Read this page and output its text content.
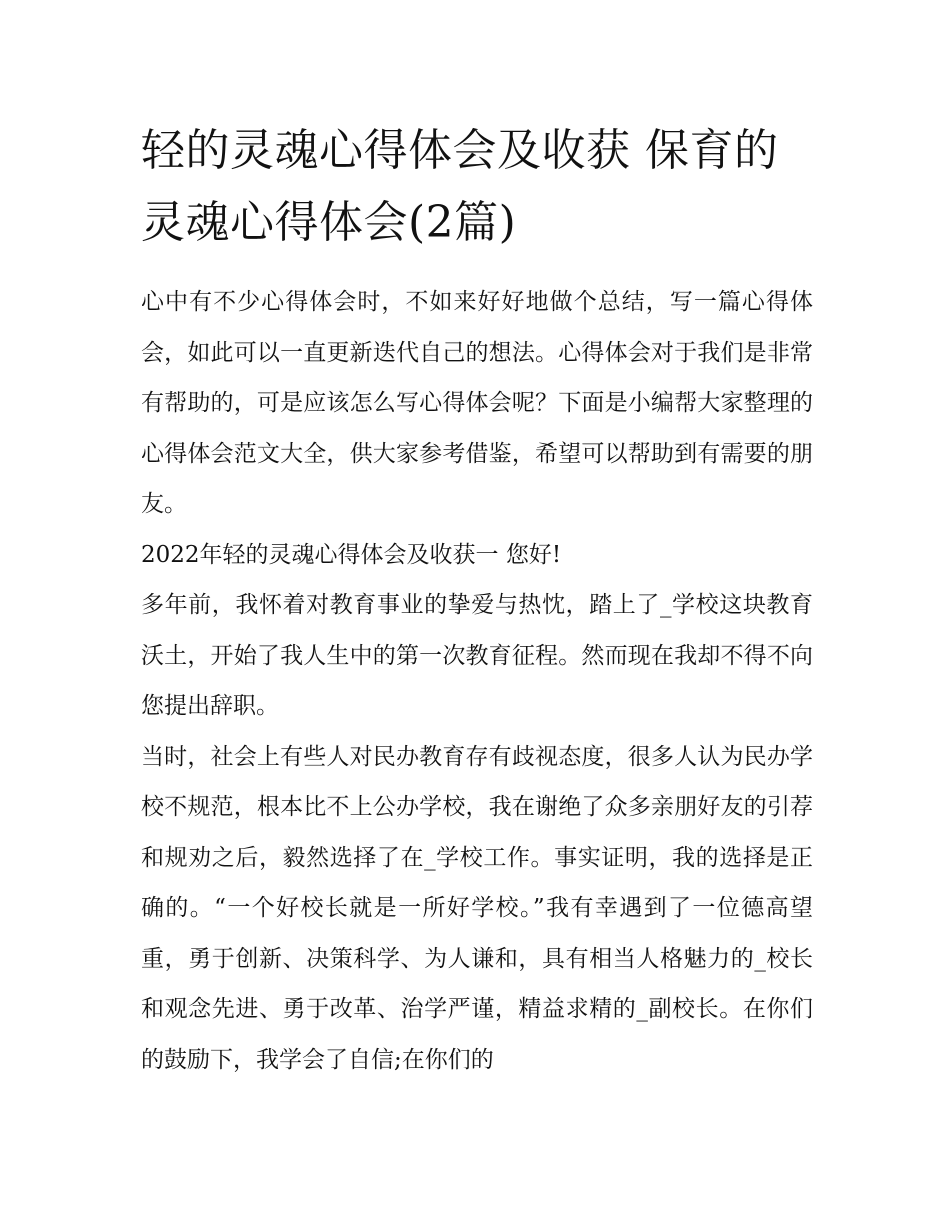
轻的灵魂心得体会及收获 保育的灵魂心得体会(2篇)

心中有不少心得体会时，不如来好好地做个总结，写一篇心得体会，如此可以一直更新迭代自己的想法。心得体会对于我们是非常有帮助的，可是应该怎么写心得体会呢？下面是小编帮大家整理的心得体会范文大全，供大家参考借鉴，希望可以帮助到有需要的朋友。

2022年轻的灵魂心得体会及收获一 您好!

多年前，我怀着对教育事业的挚爱与热忱，踏上了_学校这块教育沃土，开始了我人生中的第一次教育征程。然而现在我却不得不向您提出辞职。

当时，社会上有些人对民办教育存有歧视态度，很多人认为民办学校不规范，根本比不上公办学校，我在谢绝了众多亲朋好友的引荐和规劝之后，毅然选择了在_学校工作。事实证明，我的选择是正确的。“一个好校长就是一所好学校。”我有幸遇到了一位德高望重，勇于创新、决策科学、为人谦和，具有相当人格魅力的_校长和观念先进、勇于改革、治学严谨，精益求精的_副校长。在你们的鼓励下，我学会了自信;在你们的
